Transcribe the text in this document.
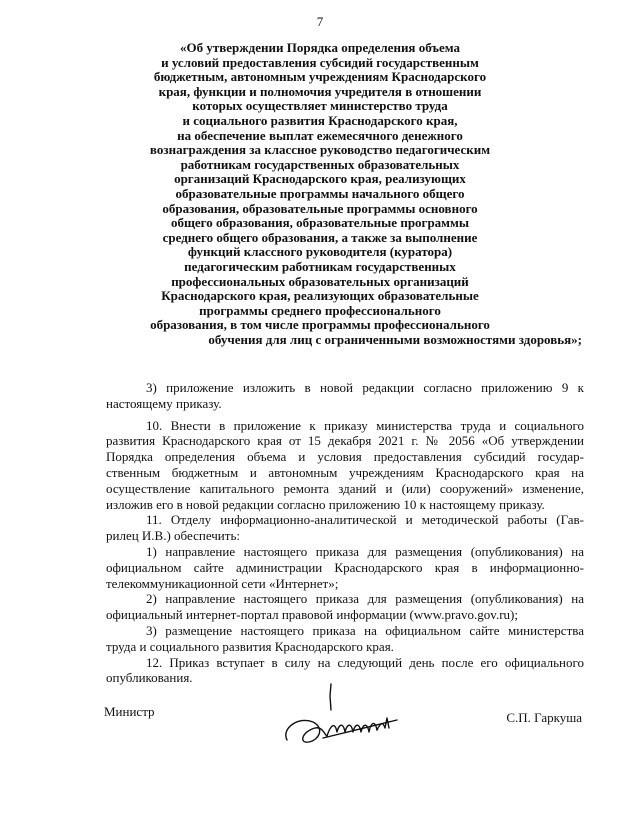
7
«Об утверждении Порядка определения объема
и условий предоставления субсидий государственным
бюджетным, автономным учреждениям Краснодарского
края, функции и полномочия учредителя в отношении
которых осуществляет министерство труда
и социального развития Краснодарского края,
на обеспечение выплат ежемесячного денежного
вознаграждения за классное руководство педагогическим
работникам государственных образовательных
организаций Краснодарского края, реализующих
образовательные программы начального общего
образования, образовательные программы основного
общего образования, образовательные программы
среднего общего образования, а также за выполнение
функций классного руководителя (куратора)
педагогическим работникам государственных
профессиональных образовательных организаций
Краснодарского края, реализующих образовательные
программы среднего профессионального
образования, в том числе программы профессионального
обучения для лиц с ограниченными возможностями здоровья»;
3) приложение изложить в новой редакции согласно приложению 9 к
настоящему приказу.
10. Внести в приложение к приказу министерства труда и социального
развития Краснодарского края от 15 декабря 2021 г. № 2056 «Об утверждении
Порядка определения объема и условия предоставления субсидий государ-
ственным бюджетным и автономным учреждениям Краснодарского края на
осуществление капитального ремонта зданий и (или) сооружений» изменение,
изложив его в новой редакции согласно приложению 10 к настоящему приказу.
11. Отделу информационно-аналитической и методической работы (Гав-
рилец И.В.) обеспечить:
1) направление настоящего приказа для размещения (опубликования) на
официальном сайте администрации Краснодарского края в информационно-
телекоммуникационной сети «Интернет»;
2) направление настоящего приказа для размещения (опубликования) на
официальный интернет-портал правовой информации (www.pravo.gov.ru);
3) размещение настоящего приказа на официальном сайте министерства
труда и социального развития Краснодарского края.
12. Приказ вступает в силу на следующий день после его официального
опубликования.
Министр	С.П. Гаркуша
